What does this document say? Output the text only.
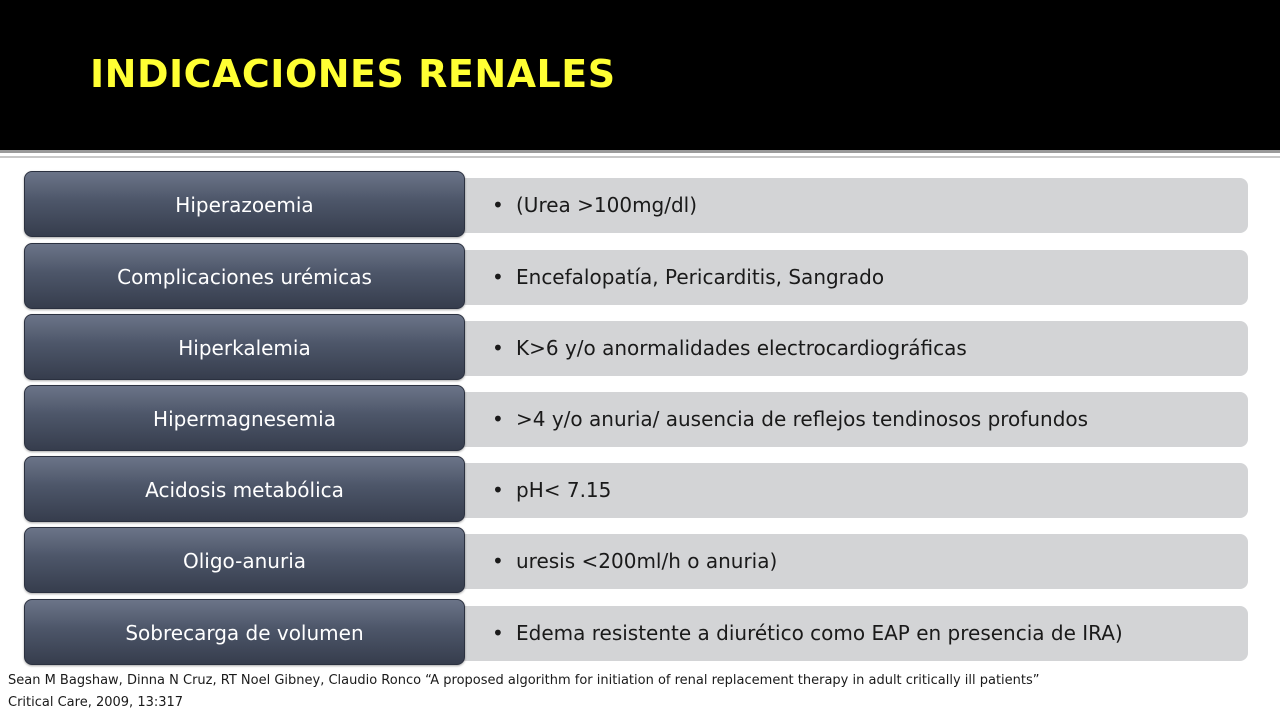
INDICACIONES RENALES
• (Urea >100mg/dl)
Hiperazoemia
• Encefalopatía, Pericarditis, Sangrado
Complicaciones urémicas
• K>6 y/o anormalidades electrocardiográficas
Hiperkalemia
• >4 y/o anuria/ ausencia de reflejos tendinosos profundos
Hipermagnesemia
• pH< 7.15
Acidosis metabólica
• uresis <200ml/h o anuria)
Oligo-anuria
• Edema resistente a diurético como EAP en presencia de IRA)
Sobrecarga de volumen
Sean M Bagshaw, Dinna N Cruz, RT Noel Gibney, Claudio Ronco “A proposed algorithm for initiation of renal replacement therapy in adult critically ill patients”
Critical Care, 2009, 13:317
